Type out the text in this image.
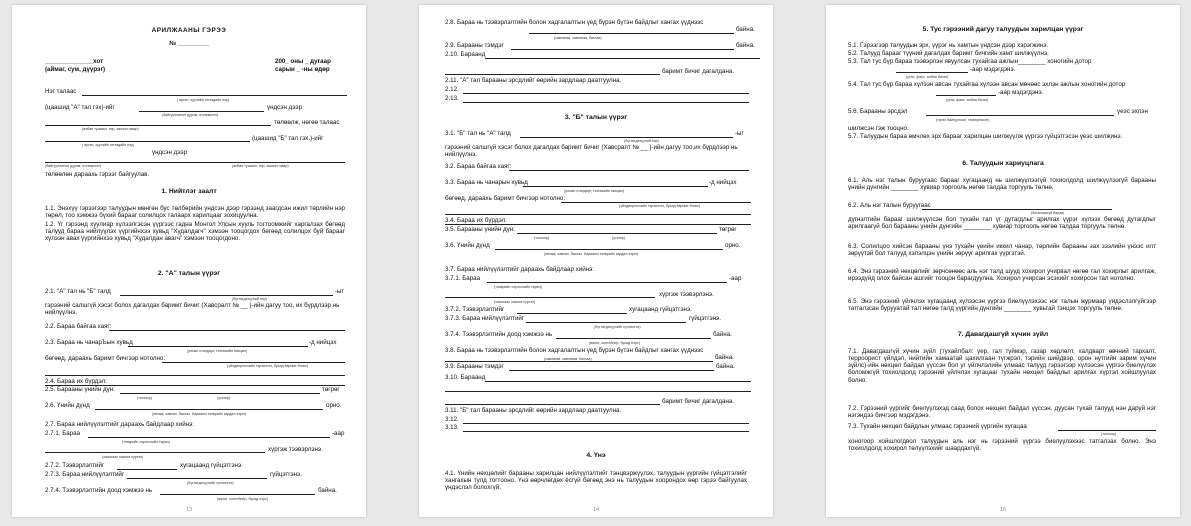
АРИЛЖААНЫ ГЭРЭЭ
№ _________
______________хот
(аймаг, сум, дүүрэг)
200_ оны _ дугаар
сарын _ -ны өдөр
Нэг талаас
( иргэн, хуулийн этгээдийн нэр)
(цаашид "А" тал гэх)-ийг	үндсэн дээр
(байгууллагын дүрэм, итгэмжлэл)
төлөөлж, нөгөө талаас
(албан тушаал, нэр, ажлын газар)
(цаашид "Б" тал гэх.)-ийг
( иргэн, хуулийн этгээдийн нэр)
үндсэн дээр
(байгууллагын дүрэм, итгэмжлэл)	(албан тушаал, нэр, ажлын газар)
төлөөлөн дараахь гэрээг байгуулав.
1. Нийтлэг заалт
1.1. Энэхүү гэрээгээр талуудын мөнгөн бус төлбөрийн үндсэн дээр гэрээнд заагдсан ижил төрлийн нэр төрөл, тоо хэмжээ бүхий барааг солилцох талаарх харилцааг зохицуулна.
1.2. Үг гэрээнд хуулиар хүлээлгэсэн үүргээс гадна Монгол Улсын хууль тогтоомжийг харгалзах бөгөөд талууд бараа нийлүүлэх үүргийнхээ хувьд "Худалдагч" хэмээн тооцогдох бөгөөд солилцох буй барааг хүлээн авах үүргийнхээ хувьд "Худалдан авагч" хэмээн тооцогдоно.
2. "А" талын үүрэг
2.1. "А" тал нь "Б" талд	-ыг
(бүтээгдэхүүний нэр)
гэрээний салшгүй хэсэг болох дагалдах баримт бичиг (Хавсралт № __ )-ийн дагуу тоо, их бүрдлээр нь нийлүүлнэ.
2.2. Бараа байгаа хаяг:
2.3. Бараа нь чанарЪын хувьд	-д нийцэх
(улсын стандарт, техникийн нөхцөл)
бөгөөд, дараахь баримт бичгээр нотолно:
(үйлдвэрлэгчийн гэрчилгээ, бусад баримт бичиг)
2.4. Бараа их бүрдэл:
2.5. Барааны үнийн дүн:	төгрөг
(тоогоор)	(үсгээр)
2.6. Үнийн дүнд	орно.
(нөхөж, савлах, баглах, барааны тээврийн зардал зэрэг)
2.7. Бараа нийлүүлэлтийг дараахь байдлаар хийнэ:
2.7.1. Бараа	-аар
(тээврийн хэрэгслийн төрөл)
хүргэж тээвэрлэнэ.
(хаалгаас хаалга хүртэл)
2.7.2. Тээвэрлэлтийг	хугацаанд гүйцэтгэнэ.
2.7.3. Бараа нийлүүлэлтийг	гүйцэтгэнэ.
(бүтээгдэхүүнийг хүлээлгэх)
2.7.4. Тээвэрлэлтийн доод хэмжээ нь	байна.
(вагон, контейнер, бусад нэрс)
13
2.8. Бараа нь тээвэрлэлтийн болон хадгалалтын үед бүрэн бүтэн байдлыг хангах үүднээс
байна.
(савлагаа, савлагаа, баглаа)
2.9. Барааны тэмдэг	байна.
2.10. Бараанд
баримт бичиг дагалдана.
2.11. "А" тал барааны эрсдлийг өөрийн зардлаар даатгуулна.
2.12.
2.13.
3. "Б" талын үүрэг
3.1. "Б" тал нь "А" талд	-ыг
(бүтээгдэхүүний нэр)
гэрээний салшгүй хэсэг болох дагалдах баримт бичиг (Хавсралт № __ )-ийн дагуу тоо,их бүрдлээр нь нийлүүлнэ.
3.2. Бараа байгаа хаяг:
3.3. Бараа нь чанарын хувьд	-д нийцэх
(улсын стандарт, техникийн нөхцөл)
бөгөөд, дараахь баримт бичгээр нотолно:
(үйлдвэрлэгчийн гэрчилгээ, бусад баримт бичиг)
3.4. Бараа их бүрдэл:
3.5. Барааны үнийн дүн:	төгрөг
(тоогоор)	(үсгээр)
3.6. Үнийн дүнд	орно.
(нөхөж, савлах, баглах, барааны тээврийн зардал зэрэг)
3.7. Бараа нийлүүлэлтийг дараахь байдлаар хийнэ:
3.7.1. Бараа	-аар
(тээврийн хэрэгслийн төрөл)
хүргэж тээвэрлэнэ.
(хаалгаас хаалга хүртэл)
3.7.2. Тээвэрлэлтийг	хугацаанд гүйцэтгэнэ.
3.7.3. Бараа нийлүүлэлтийг	гүйцэтгэнэ.
(бүтээгдэхүүнийг хүлээлгэх)
3.7.4. Тээвэрлэлтийн доод хэмжээ нь	байна.
(вагон, контейнер, бусад нэрс)
3.8. Бараа нь тээвэрлэлтийн болон хадгалалтын үед бүрэн бүтэн байдлыг хангах үүднээс
байна.
3.9. Барааны тэмдэг	байна.
(савлагаа, савлагаа, баглаа)
3.10. Бараанд
баримт бичиг дагалдана.
3.11. "Б" тал барааны эрсдлийг өөрийн зардлаар даатгуулна.
3.12.
3.13.
4. Үнэ
4.1. Үнийн нөхцөлийг барааны харилцан нийлүүлэлтийг тэнцвэржүүлэх, талуудын үүргийн гүйцэтгэлийг хангахын тулд тогтооно. Үнэ өөрчлөгдөх ёсгүй бөгөөд энэ нь талуудын хоорондох өөр гэрээ байгуулах үндэслэл болохгүй.
14
5. Тус гэрээний дагуу талуудын харилцан үүрэг
5.1. Гэрээгээр талуудын эрх, үүрэг нь хамтын үндсэн дээр хэрэгжинэ.
5.2. Талууд барааг түүний дагалдах баримт бичгийн хамт шилжүүлнэ.
5.3. Тал тус бүр бараа тээвэрлэн явуулсан тухайгаа ажлын________ хоногийн дотор
-аар мэдэгдэнэ.
(утас, факс, албан бичиг)
5.4. Тал тус бүр бараа хүлээн авсан тухайгаа хүлээн авсан мөчөөс эхлэн ажлын хоногийн дотор
-аар мэдэгдэнэ.
(утас, факс, албан бичиг)
5.6. Барааны эрсдэл	үеэс эхлэн
(гэрээ байгуулсан, тээвэрлэсэн)
шилжсэн гэж тооцно.
5.7. Талуудын бараа өмчлөх эрх барааг харилцан шилжүүлж үүргээ гүйцэтгэсэн үеэс шилжинэ.
6. Талуудын хариуцлага
6.1. Аль нэг талын буруугаас барааг хугацаанд нь шилжүүлээгүй тохиолдолд шилжүүлээгүй барааны үнийн дүнгийн ________ хувиар торгооль нөгөө талдаа торгууль төлнө.
6.2. Аль нэг талын буруугаас
(баталгаагүй бараа)
дүгнэлтийн барааг шилжүүлсэн бол тухайн тал үг дутагдлыг арилгах үүрэг хүлээх бөгөөд дутагдлыг арилгаагүй бол барааны үнийн дүнгийн ________ хувиар торгооль нөгөө талдаа торгууль төлнө.
6.3. Солилцоо хийсэн барааны үнэ тухайн үеийн иккил чанар, төрлийн барааны зах зээлийн үнээс илт зөрүүтэй бол талууд хэлэлцэн үнийн зөрүүг арилгах үүргэтэй.
6.4. Энэ гэрээний нөхцөлийг зөрчсөнөөс аль нэг талд шууд хохирол учирвал нөгөө тал хохирлыг арилгаж, ирээдүйд олох байсан ашгийг тооцон барагдуулна. Хохирол учирсан эсэхийг хохирсон тал нотолно.
6.5. Энэ гэрээний үйлчлэх хугацаанд хүлээсэн үүргээ биелүүлэхээс нэг талын журмаар үндэслэлгүйгээр татгалзсан бурууатай тал нөгөө талд үүргийн дүнгийн ________ хувьтай тэнцэх торгууль төлнө.
7. Давагдашгүй хүчин зүйл
7.1. Давагдашгүй хүчин зүйл (тухайлбал: үер, гал түймэр, газар хөдлөлт, халдварт өвчний тархалт, терроорист үйлдэл, нийтийн хамаатай цахилгаан түгжрэл, тэрийн шийдвэр, орон нутгийн зарим хүчин зүйлс)-ийн нөхцөл байдал үүссэн бол уг үйлчлэлийн улмаас талууд гэрээгээр хүлээсэн үүргээ биелүүлэх боломжгүй тохиолдолд гэрээний үйлчлэх хугацааг тухайн нөхцөл байдлыг арилгах хүртэл хойшлуулах болно.
7.2. Гэрээний үүргийг биелүүлэхэд саад болох нөхцөл байдал үүссэн, дуусан тухай талууд нэн даруй нэг нэгэндээ бичгээр мэдэгдэнэ.
7.3. Тухайн нөхцөл байдлын улмаас гэрээний үүргийн хугацаа
(тоогоор)
хоногоор хойшлогдвол талуудын аль нэг нь гэрээний үүргээ биелүүлэхээс татгалзах болно. Энэ тохиолдолд хохирол төлүүлэхийг шаардахгүй.
15
